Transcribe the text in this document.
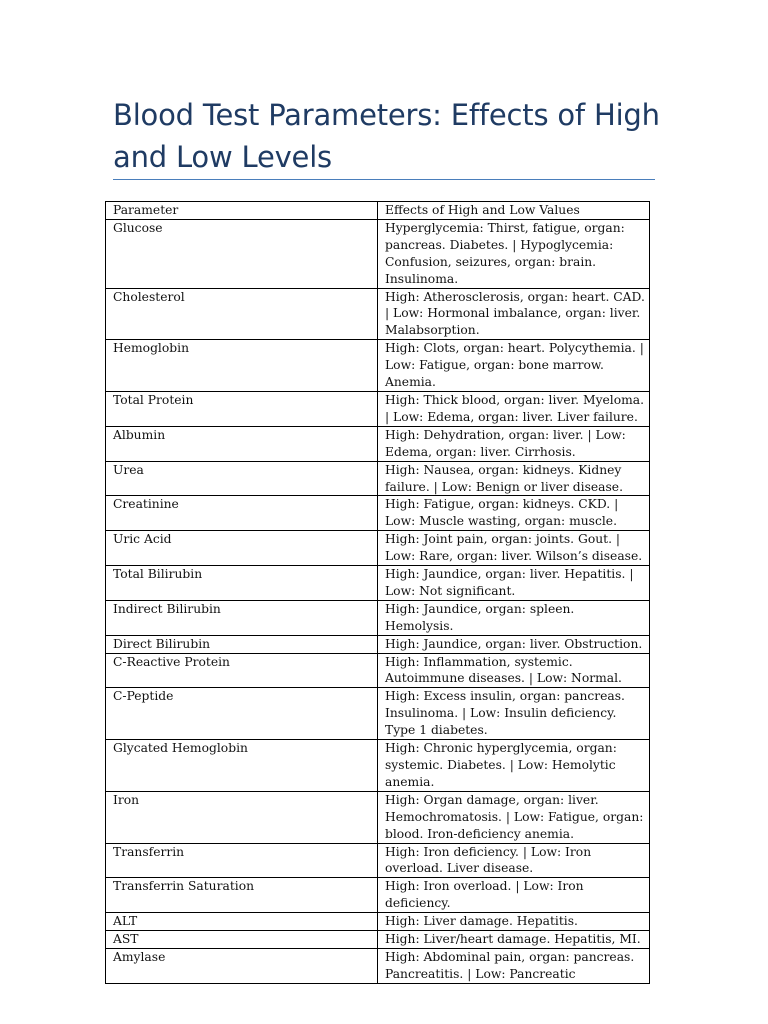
Blood Test Parameters: Effects of High and Low Levels
Parameter	Effects of High and Low Values
Glucose	Hyperglycemia: Thirst, fatigue, organ: pancreas. Diabetes. | Hypoglycemia: Confusion, seizures, organ: brain. Insulinoma.
Cholesterol	High: Atherosclerosis, organ: heart. CAD. | Low: Hormonal imbalance, organ: liver. Malabsorption.
Hemoglobin	High: Clots, organ: heart. Polycythemia. | Low: Fatigue, organ: bone marrow. Anemia.
Total Protein	High: Thick blood, organ: liver. Myeloma. | Low: Edema, organ: liver. Liver failure.
Albumin	High: Dehydration, organ: liver. | Low: Edema, organ: liver. Cirrhosis.
Urea	High: Nausea, organ: kidneys. Kidney failure. | Low: Benign or liver disease.
Creatinine	High: Fatigue, organ: kidneys. CKD. | Low: Muscle wasting, organ: muscle.
Uric Acid	High: Joint pain, organ: joints. Gout. | Low: Rare, organ: liver. Wilson’s disease.
Total Bilirubin	High: Jaundice, organ: liver. Hepatitis. | Low: Not significant.
Indirect Bilirubin	High: Jaundice, organ: spleen. Hemolysis.
Direct Bilirubin	High: Jaundice, organ: liver. Obstruction.
C-Reactive Protein	High: Inflammation, systemic. Autoimmune diseases. | Low: Normal.
C-Peptide	High: Excess insulin, organ: pancreas. Insulinoma. | Low: Insulin deficiency. Type 1 diabetes.
Glycated Hemoglobin	High: Chronic hyperglycemia, organ: systemic. Diabetes. | Low: Hemolytic anemia.
Iron	High: Organ damage, organ: liver. Hemochromatosis. | Low: Fatigue, organ: blood. Iron-deficiency anemia.
Transferrin	High: Iron deficiency. | Low: Iron overload. Liver disease.
Transferrin Saturation	High: Iron overload. | Low: Iron deficiency.
ALT	High: Liver damage. Hepatitis.
AST	High: Liver/heart damage. Hepatitis, MI.
Amylase	High: Abdominal pain, organ: pancreas. Pancreatitis. | Low: Pancreatic
